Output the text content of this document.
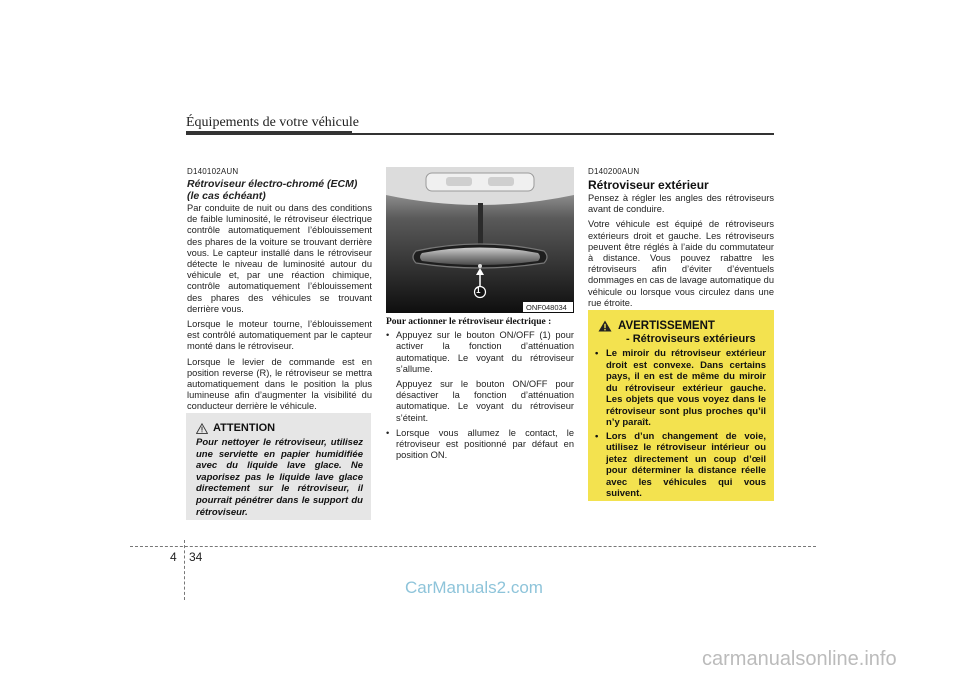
Équipements de votre véhicule
D140102AUN
Rétroviseur électro-chromé (ECM)
(le cas échéant)

Par conduite de nuit ou dans des conditions de faible luminosité, le rétroviseur électrique contrôle automatiquement l’éblouissement des phares de la voiture se trouvant derrière vous. Le capteur installé dans le rétroviseur détecte le niveau de luminosité autour du véhicule et, par une réaction chimique, contrôle automatiquement l’éblouissement des phares des véhicules se trouvant derrière vous.

Lorsque le moteur tourne, l’éblouissement est contrôlé automatiquement par le capteur monté dans le rétroviseur.

Lorsque le levier de commande est en position reverse (R), le rétroviseur se mettra automatiquement dans le position la plus lumineuse afin d’augmenter la visibilité du conducteur derrière le véhicule.

ATTENTION
Pour nettoyer le rétroviseur, utilisez une serviette en papier humidifiée avec du liquide lave glace. Ne vaporisez pas le liquide lave glace directement sur le rétroviseur, il pourrait pénétrer dans le support du rétroviseur.
1
ONF048034
Pour actionner le rétroviseur électrique :
• Appuyez sur le bouton ON/OFF (1) pour activer la fonction d’atténuation automatique. Le voyant du rétroviseur s’allume.
Appuyez sur le bouton ON/OFF pour désactiver la fonction d’atténuation automatique. Le voyant du rétroviseur s’éteint.
• Lorsque vous allumez le contact, le rétroviseur est positionné par défaut en position ON.
D140200AUN
Rétroviseur extérieur

Pensez à régler les angles des rétroviseurs avant de conduire.

Votre véhicule est équipé de rétroviseurs extérieurs droit et gauche. Les rétroviseurs peuvent être réglés à l’aide du commutateur à distance. Vous pouvez rabattre les rétroviseurs afin d’éviter d’éventuels dommages en cas de lavage automatique du véhicule ou lorsque vous circulez dans une rue étroite.

AVERTISSEMENT
- Rétroviseurs extérieurs
• Le miroir du rétroviseur extérieur droit est convexe. Dans certains pays, il en est de même du miroir du rétroviseur extérieur gauche. Les objets que vous voyez dans le rétroviseur sont plus proches qu’il n’y paraît.
• Lors d’un changement de voie, utilisez le rétroviseur intérieur ou jetez directement un coup d’œil pour déterminer la distance réelle avec les véhicules qui vous suivent.
4 34
CarManuals2.com
carmanualsonline.info
